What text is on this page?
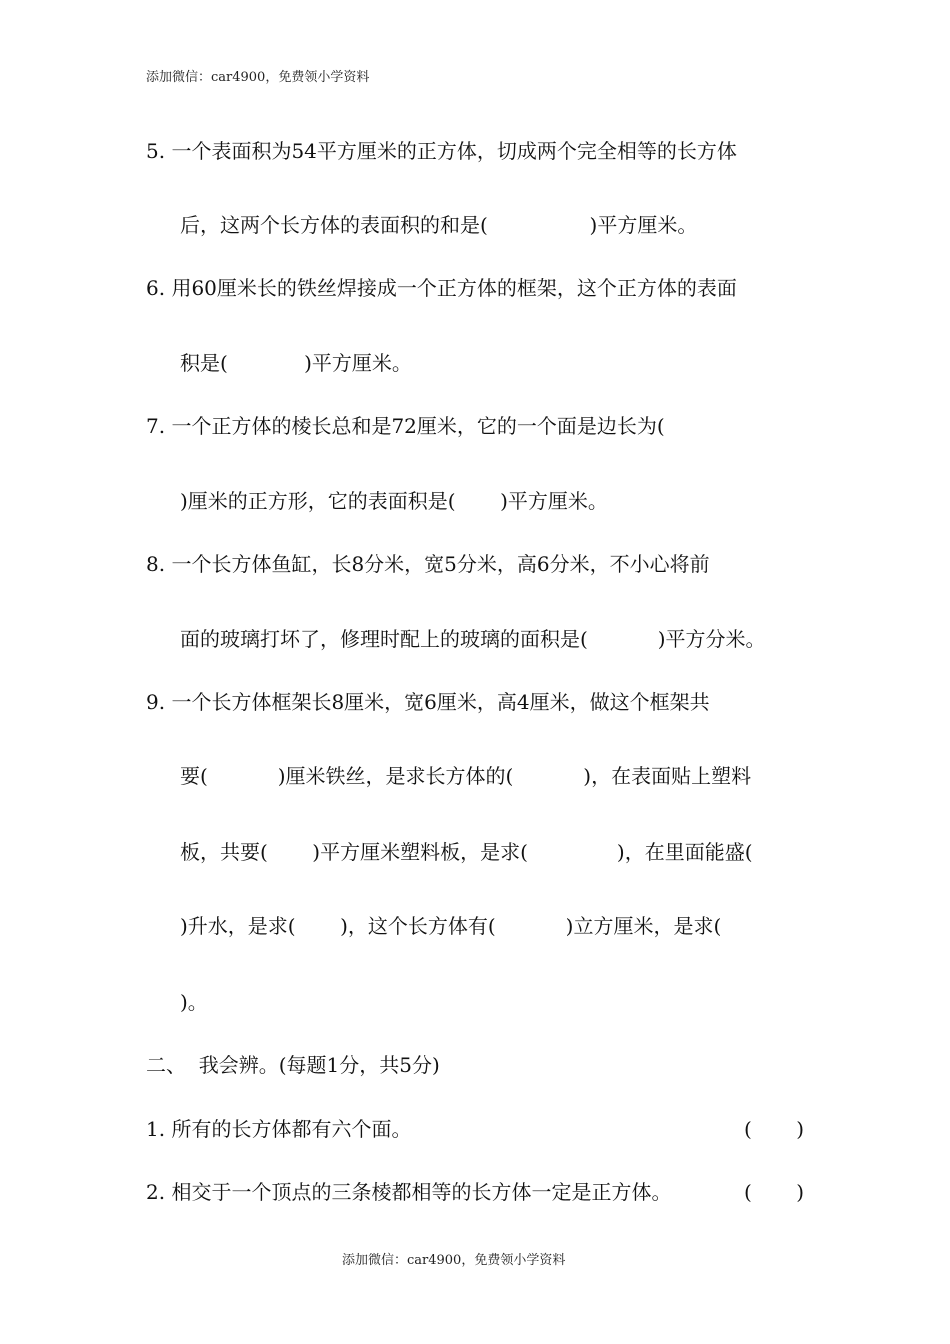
添加微信：car4900，免费领小学资料
5. 一个表面积为54平方厘米的正方体，切成两个完全相等的长方体
后，这两个长方体的表面积的和是(                )平方厘米。
6. 用60厘米长的铁丝焊接成一个正方体的框架，这个正方体的表面
积是(            )平方厘米。
7. 一个正方体的棱长总和是72厘米，它的一个面是边长为(
)厘米的正方形，它的表面积是(       )平方厘米。
8. 一个长方体鱼缸，长8分米，宽5分米，高6分米，不小心将前
面的玻璃打坏了，修理时配上的玻璃的面积是(           )平方分米。
9. 一个长方体框架长8厘米，宽6厘米，高4厘米，做这个框架共
要(           )厘米铁丝，是求长方体的(           )，在表面贴上塑料
板，共要(       )平方厘米塑料板，是求(              )，在里面能盛(
)升水，是求(       )，这个长方体有(           )立方厘米，是求(
)。
二、  我会辨。(每题1分，共5分)
1. 所有的长方体都有六个面。	(       )
2. 相交于一个顶点的三条棱都相等的长方体一定是正方体。	(       )
添加微信：car4900，免费领小学资料
